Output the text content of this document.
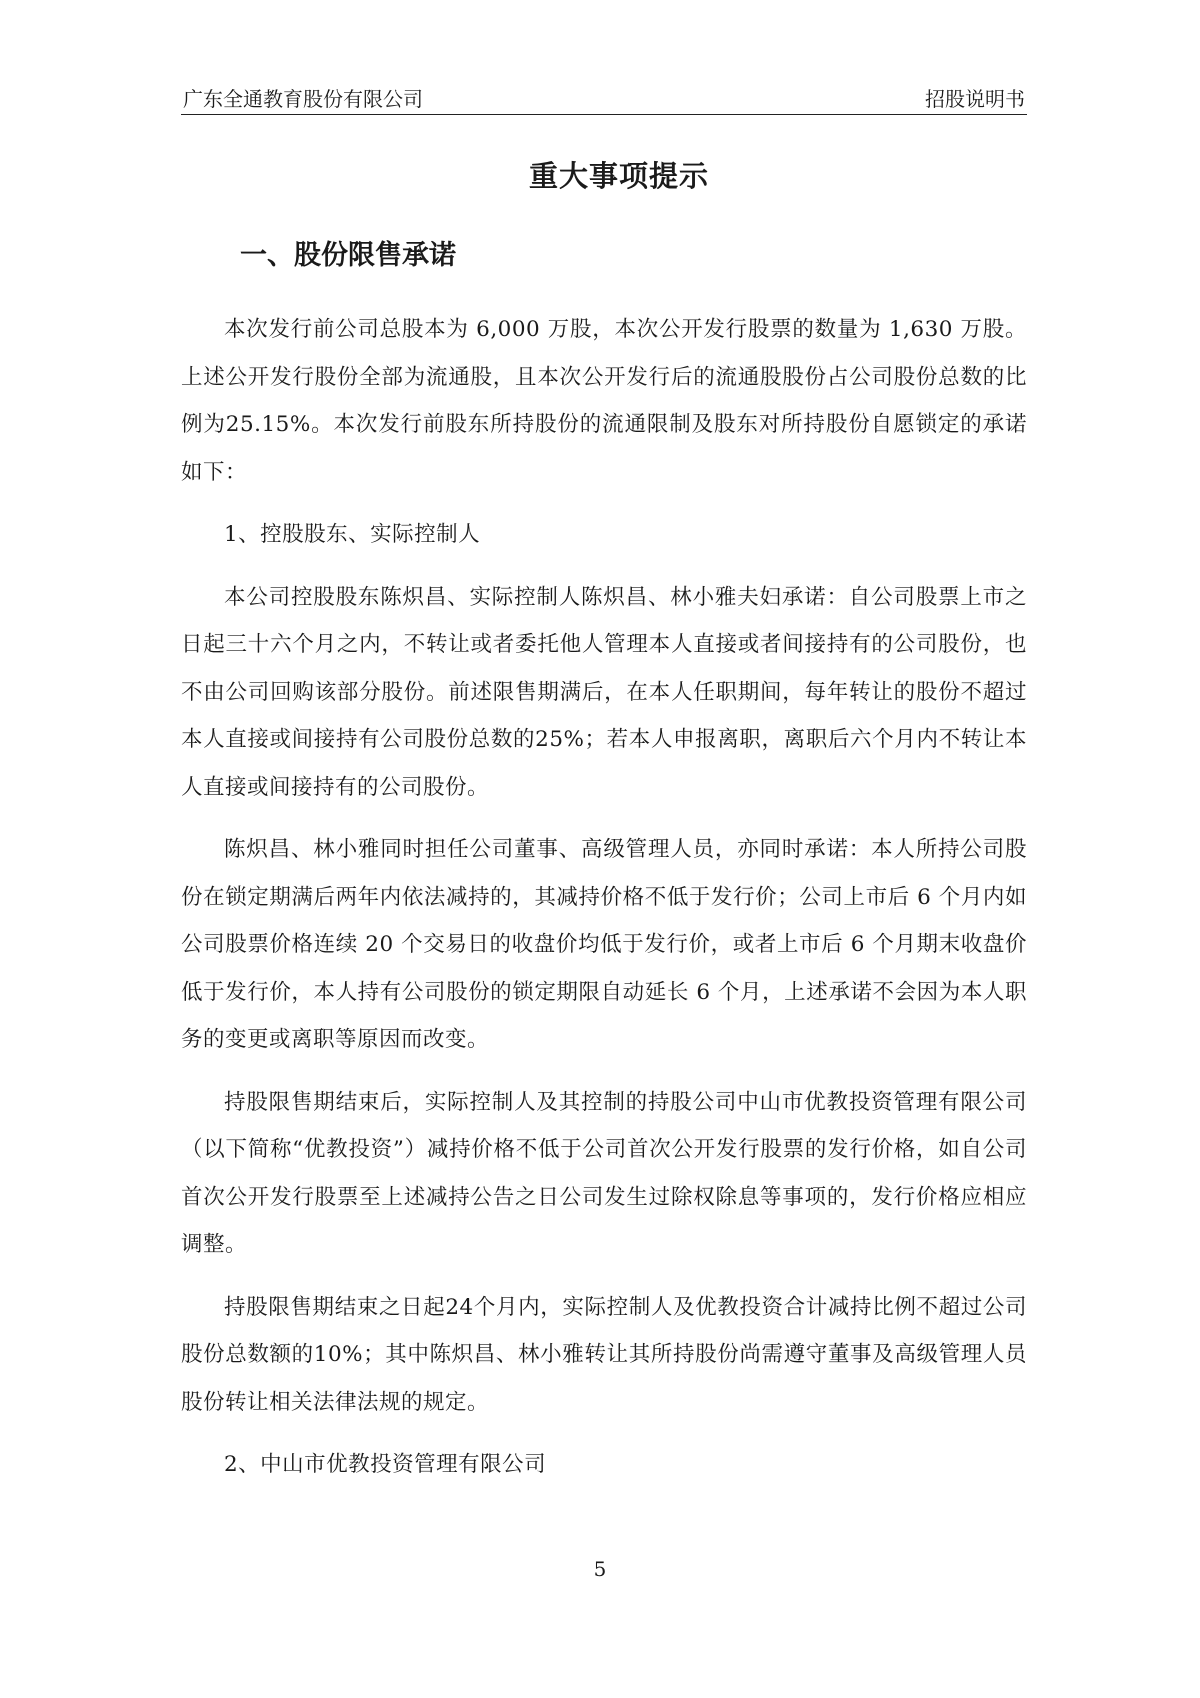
广东全通教育股份有限公司	招股说明书
重大事项提示
一、股份限售承诺

本次发行前公司总股本为 6,000 万股，本次公开发行股票的数量为 1,630 万股。上述公开发行股份全部为流通股，且本次公开发行后的流通股股份占公司股份总数的比例为25.15%。本次发行前股东所持股份的流通限制及股东对所持股份自愿锁定的承诺如下：

1、控股股东、实际控制人

本公司控股股东陈炽昌、实际控制人陈炽昌、林小雅夫妇承诺：自公司股票上市之日起三十六个月之内，不转让或者委托他人管理本人直接或者间接持有的公司股份，也不由公司回购该部分股份。前述限售期满后，在本人任职期间，每年转让的股份不超过本人直接或间接持有公司股份总数的25%；若本人申报离职，离职后六个月内不转让本人直接或间接持有的公司股份。

陈炽昌、林小雅同时担任公司董事、高级管理人员，亦同时承诺：本人所持公司股份在锁定期满后两年内依法减持的，其减持价格不低于发行价；公司上市后 6 个月内如公司股票价格连续 20 个交易日的收盘价均低于发行价，或者上市后 6 个月期末收盘价低于发行价，本人持有公司股份的锁定期限自动延长 6 个月，上述承诺不会因为本人职务的变更或离职等原因而改变。

持股限售期结束后，实际控制人及其控制的持股公司中山市优教投资管理有限公司（以下简称“优教投资”）减持价格不低于公司首次公开发行股票的发行价格，如自公司首次公开发行股票至上述减持公告之日公司发生过除权除息等事项的，发行价格应相应调整。

持股限售期结束之日起24个月内，实际控制人及优教投资合计减持比例不超过公司股份总数额的10%；其中陈炽昌、林小雅转让其所持股份尚需遵守董事及高级管理人员股份转让相关法律法规的规定。

2、中山市优教投资管理有限公司

5
